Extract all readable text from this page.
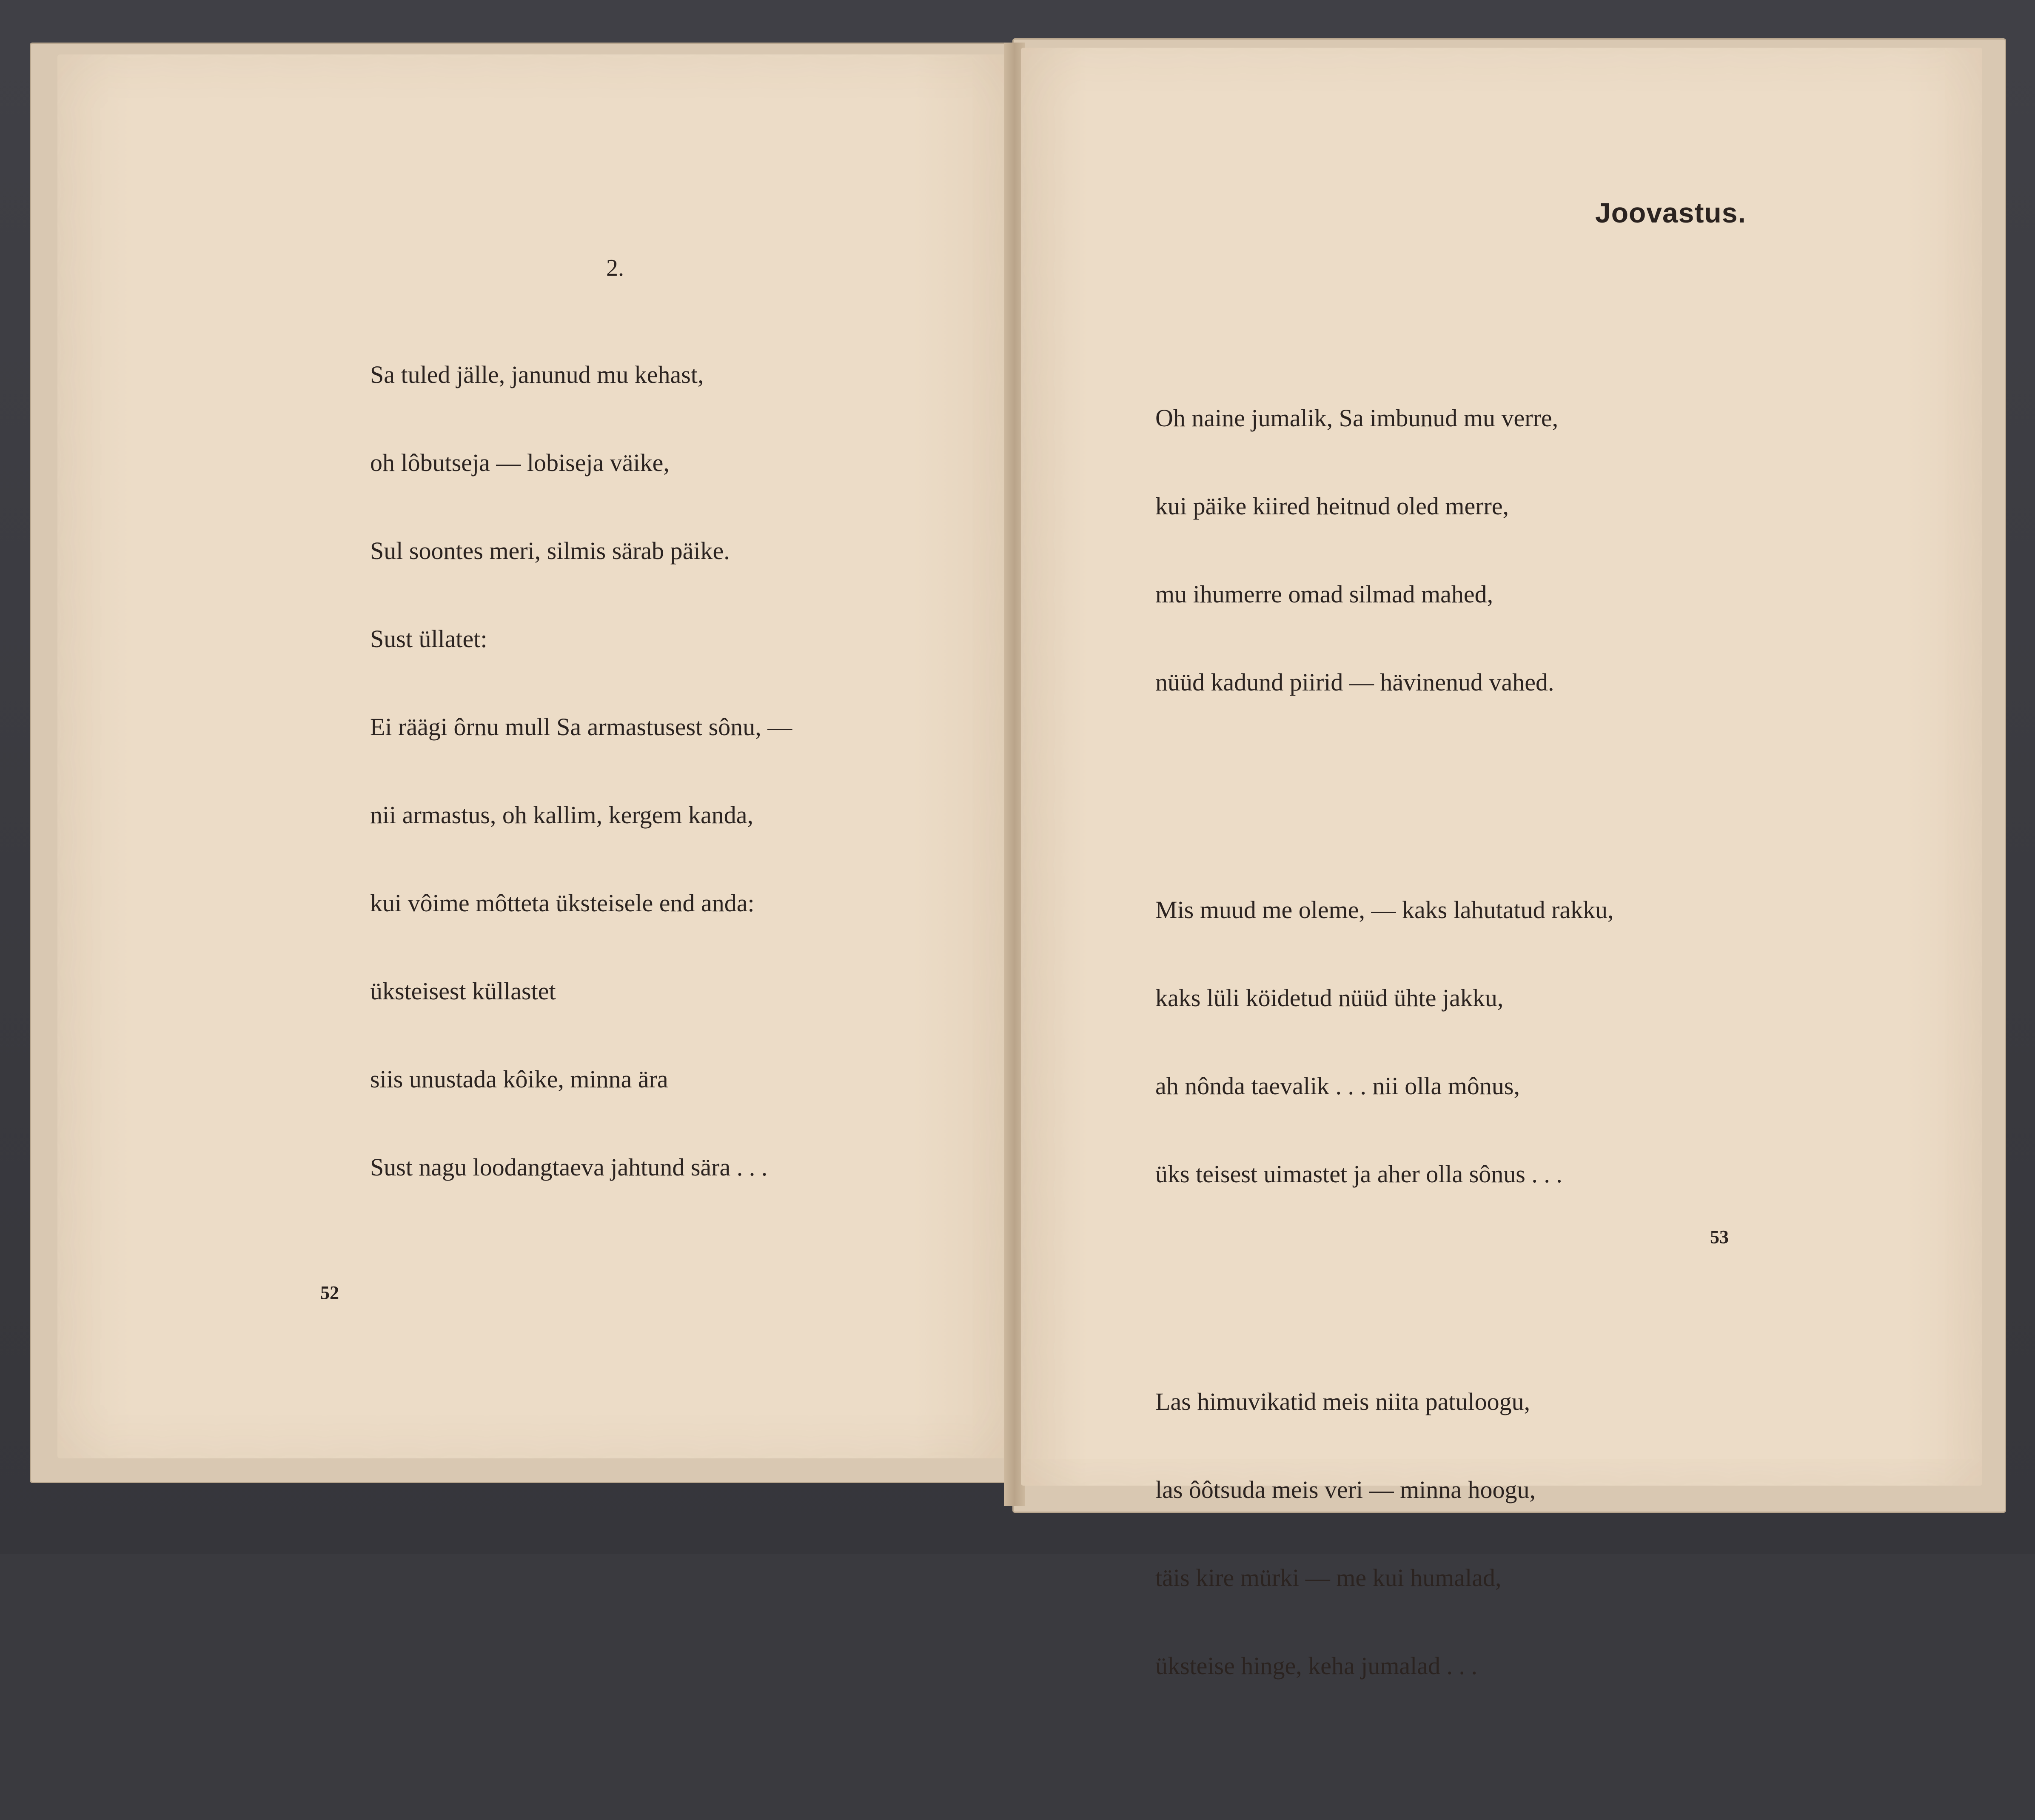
2.

Sa tuled jälle, janunud mu kehast,

oh lôbutseja — lobiseja väike,

Sul soontes meri, silmis särab päike.

Sust üllatet:

Ei räägi ôrnu mull Sa armastusest sônu, —

nii armastus, oh kallim, kergem kanda,

kui vôime môtteta üksteisele end anda:

üksteisest küllastet

siis unustada kôike, minna ära

Sust nagu loodangtaeva jahtund sära . . .

52
Joovastus.

Oh naine jumalik, Sa imbunud mu verre,

kui päike kiired heitnud oled merre,

mu ihumerre omad silmad mahed,

nüüd kadund piirid — hävinenud vahed.

Mis muud me oleme, — kaks lahutatud rakku,

kaks lüli köidetud nüüd ühte jakku,

ah nônda taevalik . . . nii olla mônus,

üks teisest uimastet ja aher olla sônus . . .

Las himuvikatid meis niita patuloogu,

las ôôtsuda meis veri — minna hoogu,

täis kire mürki — me kui humalad,

üksteise hinge, keha jumalad . . .

53
